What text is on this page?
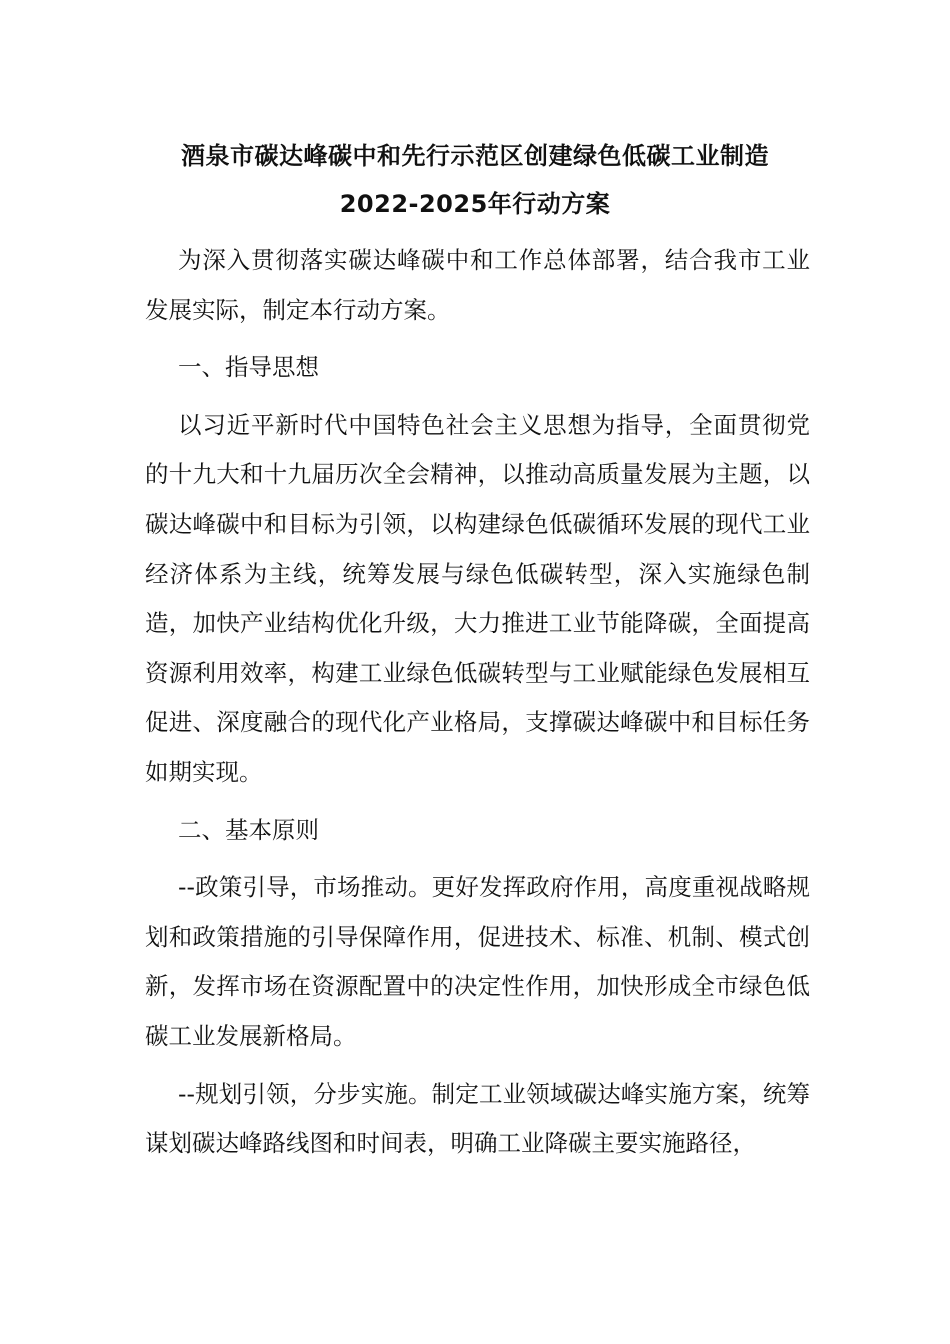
酒泉市碳达峰碳中和先行示范区创建绿色低碳工业制造
2022-2025年行动方案

为深入贯彻落实碳达峰碳中和工作总体部署，结合我市工业发展实际，制定本行动方案。

一、指导思想

以习近平新时代中国特色社会主义思想为指导，全面贯彻党的十九大和十九届历次全会精神，以推动高质量发展为主题，以碳达峰碳中和目标为引领，以构建绿色低碳循环发展的现代工业经济体系为主线，统筹发展与绿色低碳转型，深入实施绿色制造，加快产业结构优化升级，大力推进工业节能降碳，全面提高资源利用效率，构建工业绿色低碳转型与工业赋能绿色发展相互促进、深度融合的现代化产业格局，支撑碳达峰碳中和目标任务如期实现。

二、基本原则

--政策引导，市场推动。更好发挥政府作用，高度重视战略规划和政策措施的引导保障作用，促进技术、标准、机制、模式创新，发挥市场在资源配置中的决定性作用，加快形成全市绿色低碳工业发展新格局。

--规划引领，分步实施。制定工业领域碳达峰实施方案，统筹谋划碳达峰路线图和时间表，明确工业降碳主要实施路径，
